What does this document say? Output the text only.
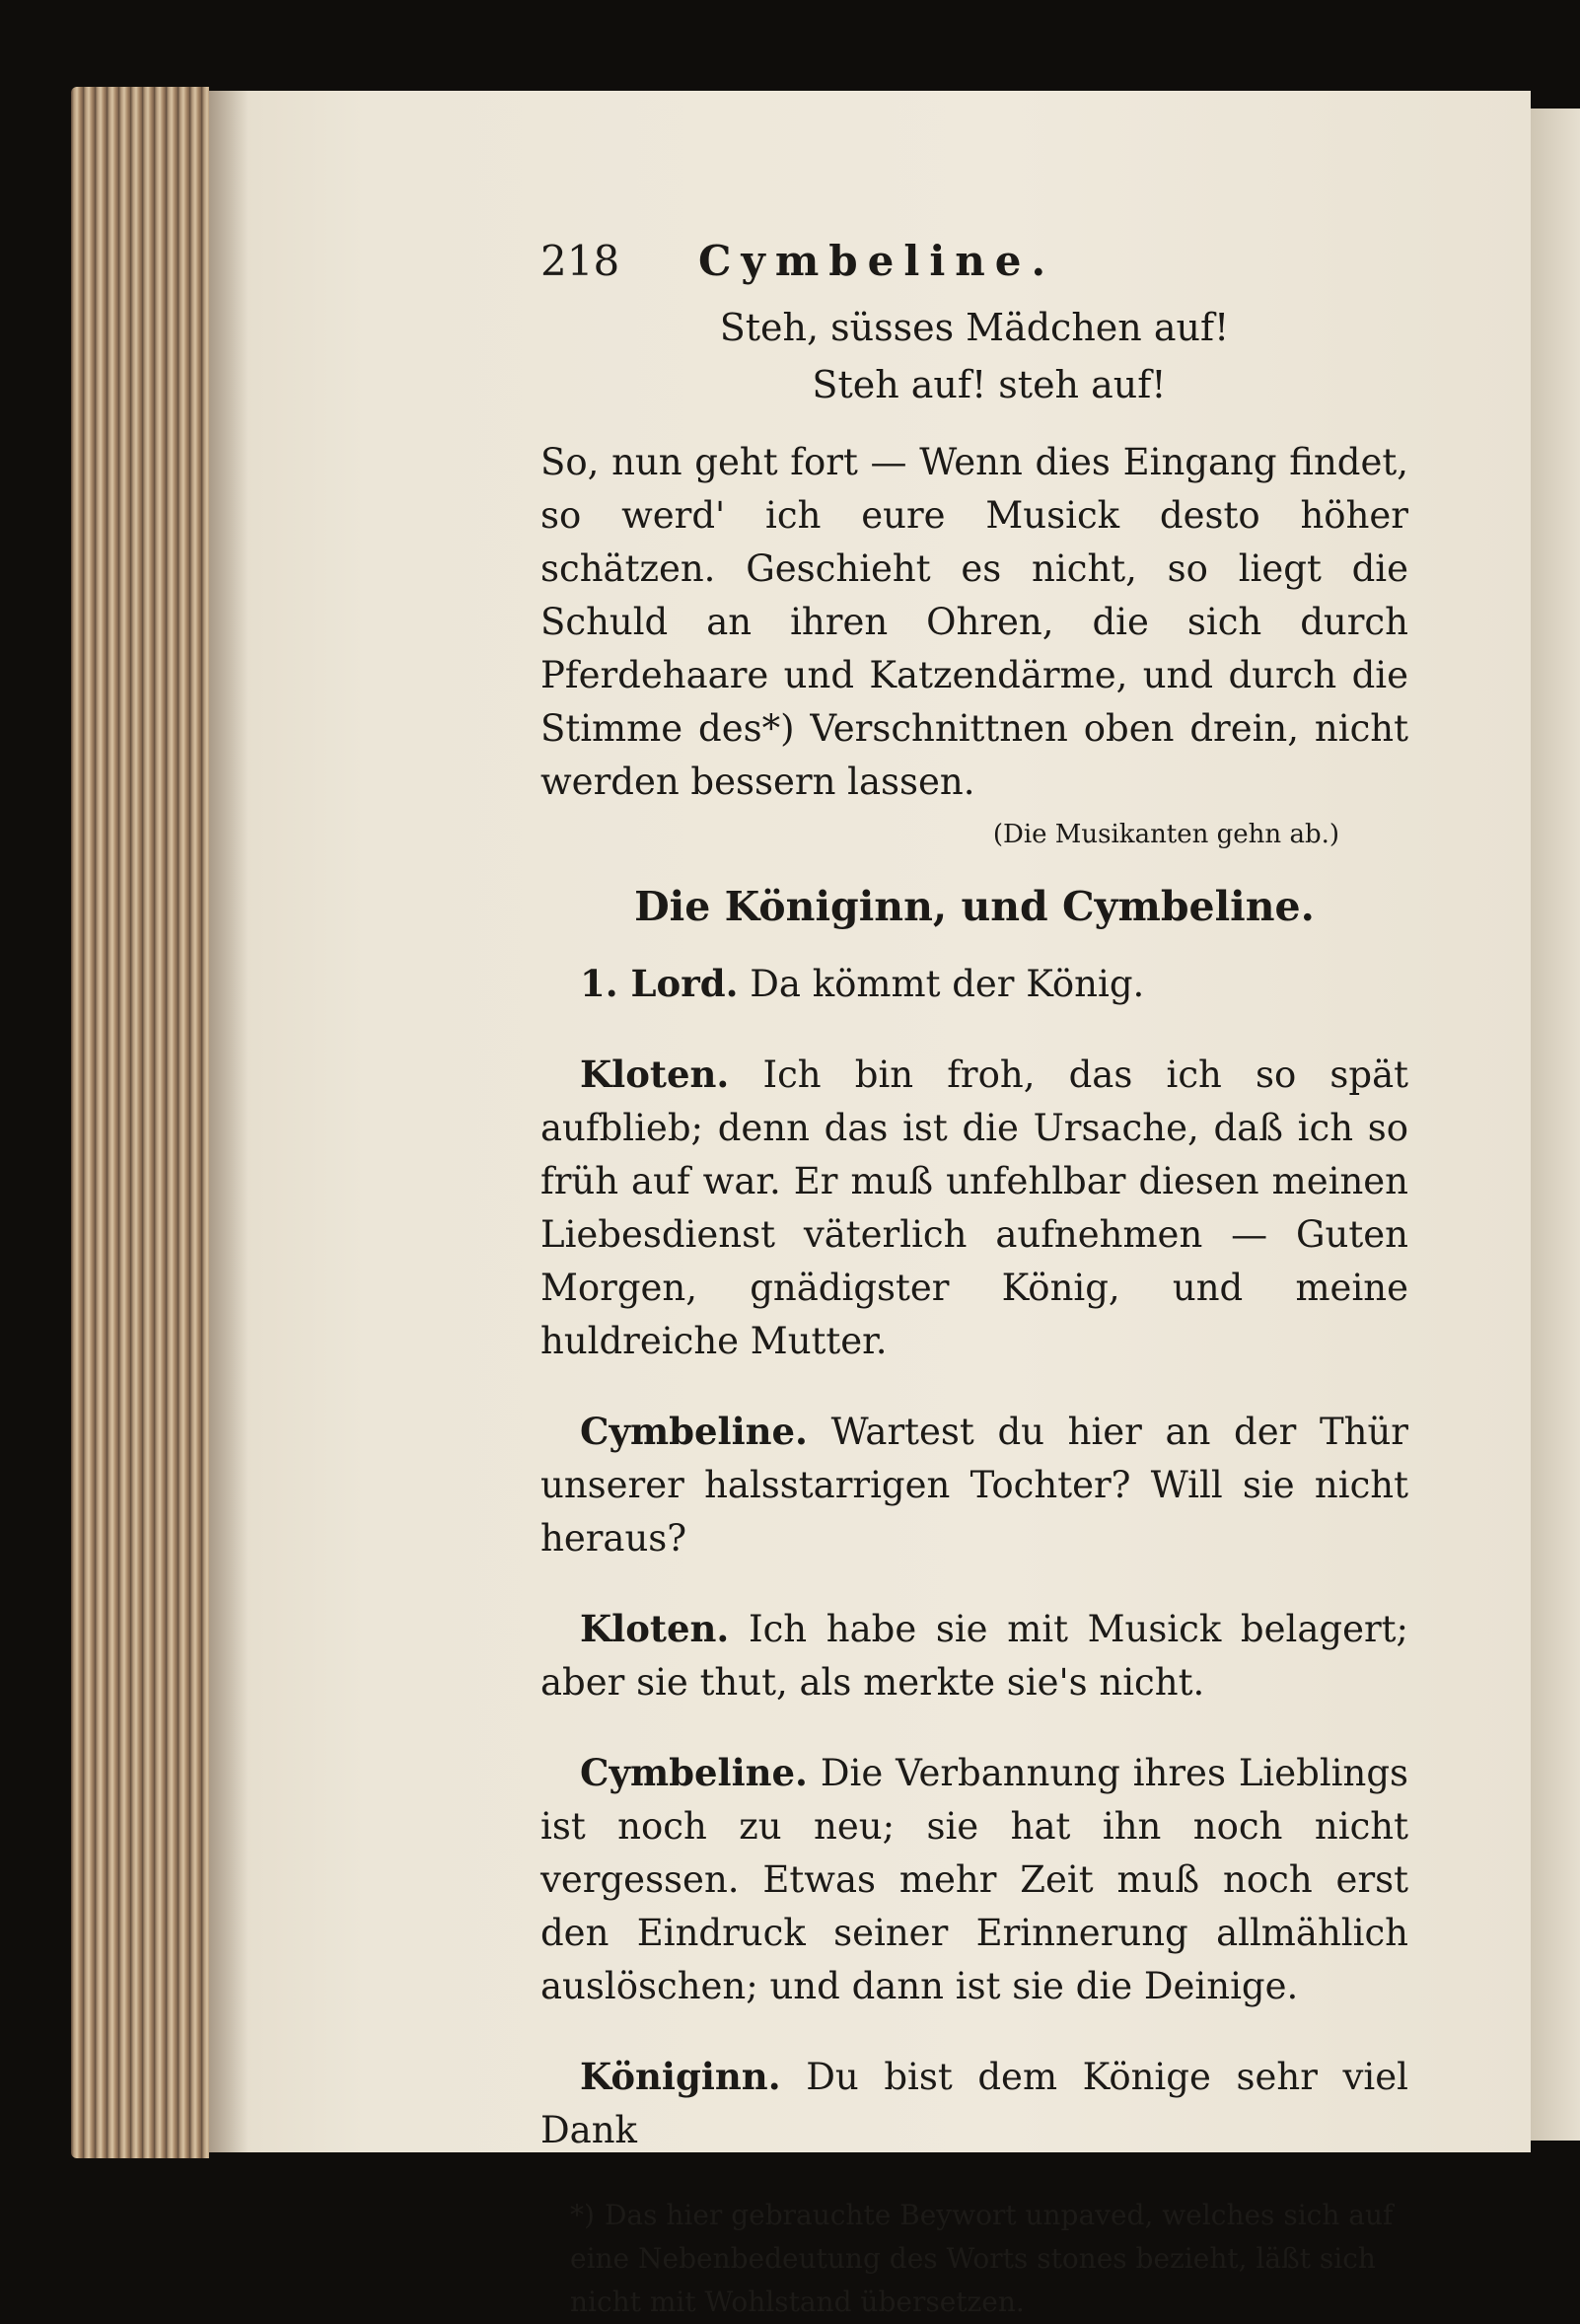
218	Cymbeline.
Steh, süsses Mädchen auf!
Steh auf! steh auf!
So, nun geht fort — Wenn dies Eingang findet, so werd' ich eure Musick desto höher schätzen. Geschieht es nicht, so liegt die Schuld an ihren Ohren, die sich durch Pferdehaare und Katzendärme, und durch die Stimme des*) Verschnittnen oben drein, nicht werden bessern lassen.
(Die Musikanten gehn ab.)
Die Königinn, und Cymbeline.

1. Lord. Da kömmt der König.

Kloten. Ich bin froh, das ich so spät aufblieb; denn das ist die Ursache, daß ich so früh auf war. Er muß unfehlbar diesen meinen Liebesdienst väterlich aufnehmen — Guten Morgen, gnädigster König, und meine huldreiche Mutter.

Cymbeline. Wartest du hier an der Thür unserer halsstarrigen Tochter? Will sie nicht heraus?

Kloten. Ich habe sie mit Musick belagert; aber sie thut, als merkte sie's nicht.

Cymbeline. Die Verbannung ihres Lieblings ist noch zu neu; sie hat ihn noch nicht vergessen. Etwas mehr Zeit muß noch erst den Eindruck seiner Erinnerung allmählich auslöschen; und dann ist sie die Deinige.

Königinn. Du bist dem Könige sehr viel Dank

*) Das hier gebrauchte Beywort unpaved, welches sich auf eine Nebenbedeutung des Worts stones bezieht, läßt sich nicht mit Wohlstand übersetzen.
